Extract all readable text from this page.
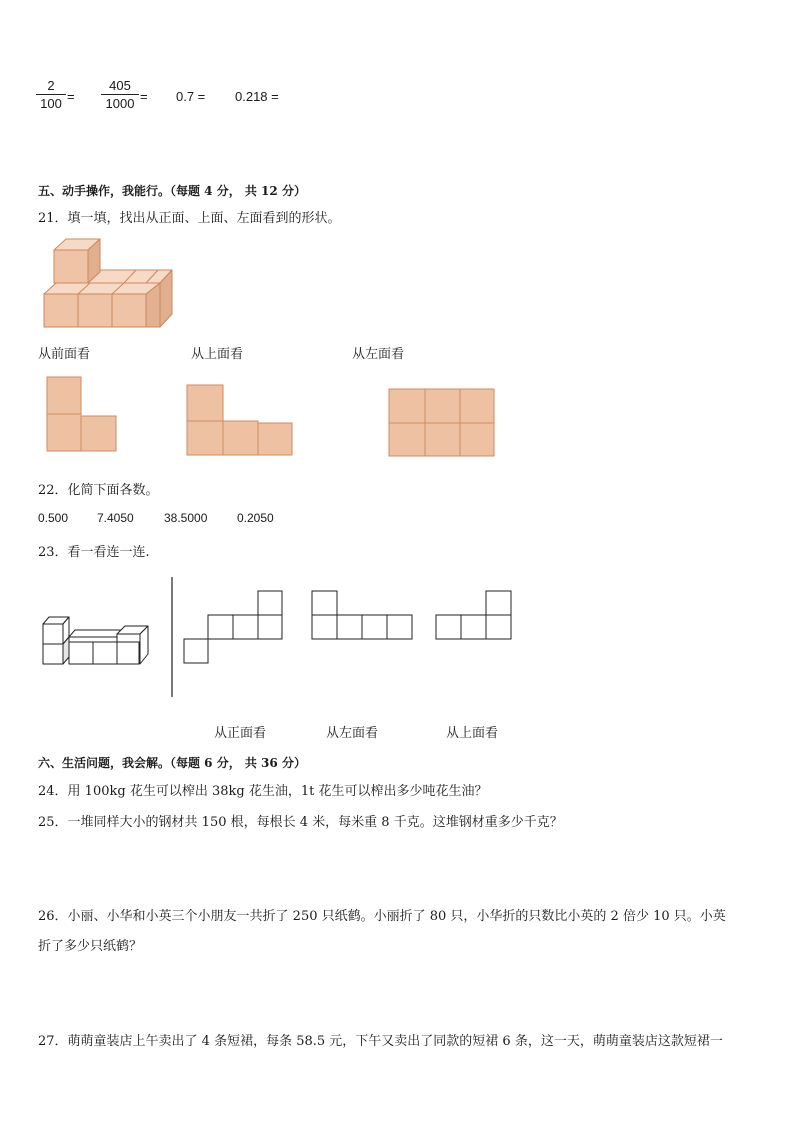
2
100 =
405
1000 = 0.7 = 0.218 =
五、动手操作，我能行。（每题 4 分， 共 12 分）
21．填一填，找出从正面、上面、左面看到的形状。
从前面看	从上面看	从左面看
22．化简下面各数。
0.500 7.4050	38.5000 0.2050
23．看一看连一连.
从正面看	从左面看	从上面看
六、生活问题，我会解。（每题 6 分， 共 36 分）
24．用 100kg 花生可以榨出 38kg 花生油，1t 花生可以榨出多少吨花生油？
25．一堆同样大小的钢材共 150 根，每根长 4 米，每米重 8 千克。这堆钢材重多少千克？
26．小丽、小华和小英三个小朋友一共折了 250 只纸鹤。小丽折了 80 只，小华折的只数比小英的 2 倍少 10 只。小英
折了多少只纸鹤？
27．萌萌童装店上午卖出了 4 条短裙，每条 58.5 元，下午又卖出了同款的短裙 6 条，这一天，萌萌童装店这款短裙一
